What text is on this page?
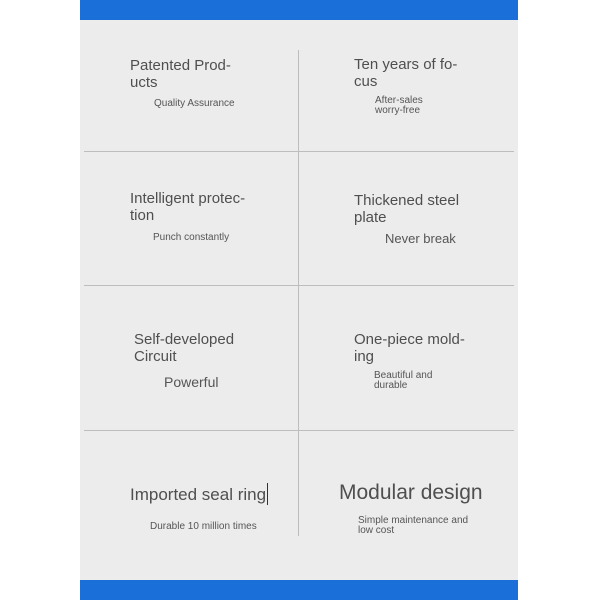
Patented Prod-
ucts
Quality Assurance
Ten years of fo-
cus
After-sales
worry-free
Intelligent protec-
tion
Punch constantly
Thickened steel
plate
Never break
Self-developed
Circuit
Powerful
One-piece mold-
ing
Beautiful and
durable
Imported seal ring
Durable 10 million times
Modular design
Simple maintenance and
low cost
